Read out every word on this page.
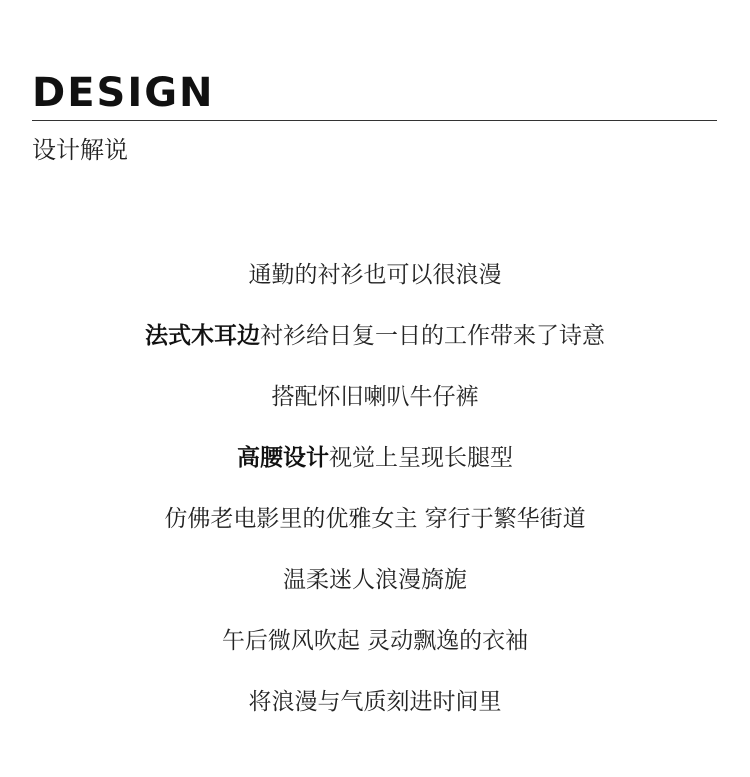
DESIGN
设计解说
通勤的衬衫也可以很浪漫
法式木耳边衬衫给日复一日的工作带来了诗意
搭配怀旧喇叭牛仔裤
高腰设计视觉上呈现长腿型
仿佛老电影里的优雅女主 穿行于繁华街道
温柔迷人浪漫旖旎
午后微风吹起 灵动飘逸的衣袖
将浪漫与气质刻进时间里
